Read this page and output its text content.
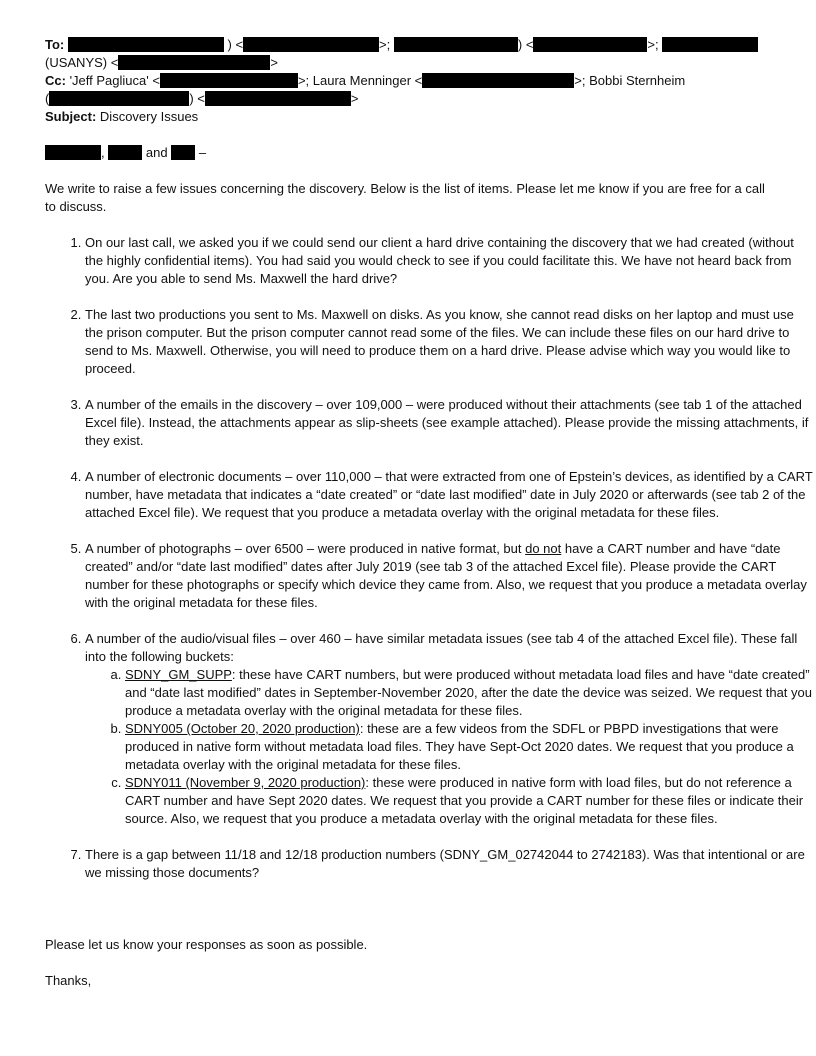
To:	) <	>;	) <	>;
(USANYS) <	>
Cc: 'Jeff Pagliuca' <	>; Laura Menninger <	>; Bobbi Sternheim
(	) <	>
Subject: Discovery Issues
,	and –

We write to raise a few issues concerning the discovery. Below is the list of items. Please let me know if you are free for a call to discuss.

1. On our last call, we asked you if we could send our client a hard drive containing the discovery that we had created (without the highly confidential items). You had said you would check to see if you could facilitate this. We have not heard back from you. Are you able to send Ms. Maxwell the hard drive?
2. The last two productions you sent to Ms. Maxwell on disks. As you know, she cannot read disks on her laptop and must use the prison computer. But the prison computer cannot read some of the files. We can include these files on our hard drive to send to Ms. Maxwell. Otherwise, you will need to produce them on a hard drive. Please advise which way you would like to proceed.
3. A number of the emails in the discovery – over 109,000 – were produced without their attachments (see tab 1 of the attached Excel file). Instead, the attachments appear as slip-sheets (see example attached). Please provide the missing attachments, if they exist.
4. A number of electronic documents – over 110,000 – that were extracted from one of Epstein’s devices, as identified by a CART number, have metadata that indicates a “date created” or “date last modified” date in July 2020 or afterwards (see tab 2 of the attached Excel file). We request that you produce a metadata overlay with the original metadata for these files.
5. A number of photographs – over 6500 – were produced in native format, but do not have a CART number and have “date created” and/or “date last modified” dates after July 2019 (see tab 3 of the attached Excel file). Please provide the CART number for these photographs or specify which device they came from. Also, we request that you produce a metadata overlay with the original metadata for these files.
6. A number of the audio/visual files – over 460 – have similar metadata issues (see tab 4 of the attached Excel file). These fall into the following buckets:
a. SDNY_GM_SUPP: these have CART numbers, but were produced without metadata load files and have “date created” and “date last modified” dates in September-November 2020, after the date the device was seized. We request that you produce a metadata overlay with the original metadata for these files.
b. SDNY005 (October 20, 2020 production): these are a few videos from the SDFL or PBPD investigations that were produced in native form without metadata load files. They have Sept-Oct 2020 dates. We request that you produce a metadata overlay with the original metadata for these files.
c. SDNY011 (November 9, 2020 production): these were produced in native form with load files, but do not reference a CART number and have Sept 2020 dates. We request that you provide a CART number for these files or indicate their source. Also, we request that you produce a metadata overlay with the original metadata for these files.
7. There is a gap between 11/18 and 12/18 production numbers (SDNY_GM_02742044 to 2742183). Was that intentional or are we missing those documents?
Please let us know your responses as soon as possible.
Thanks,
